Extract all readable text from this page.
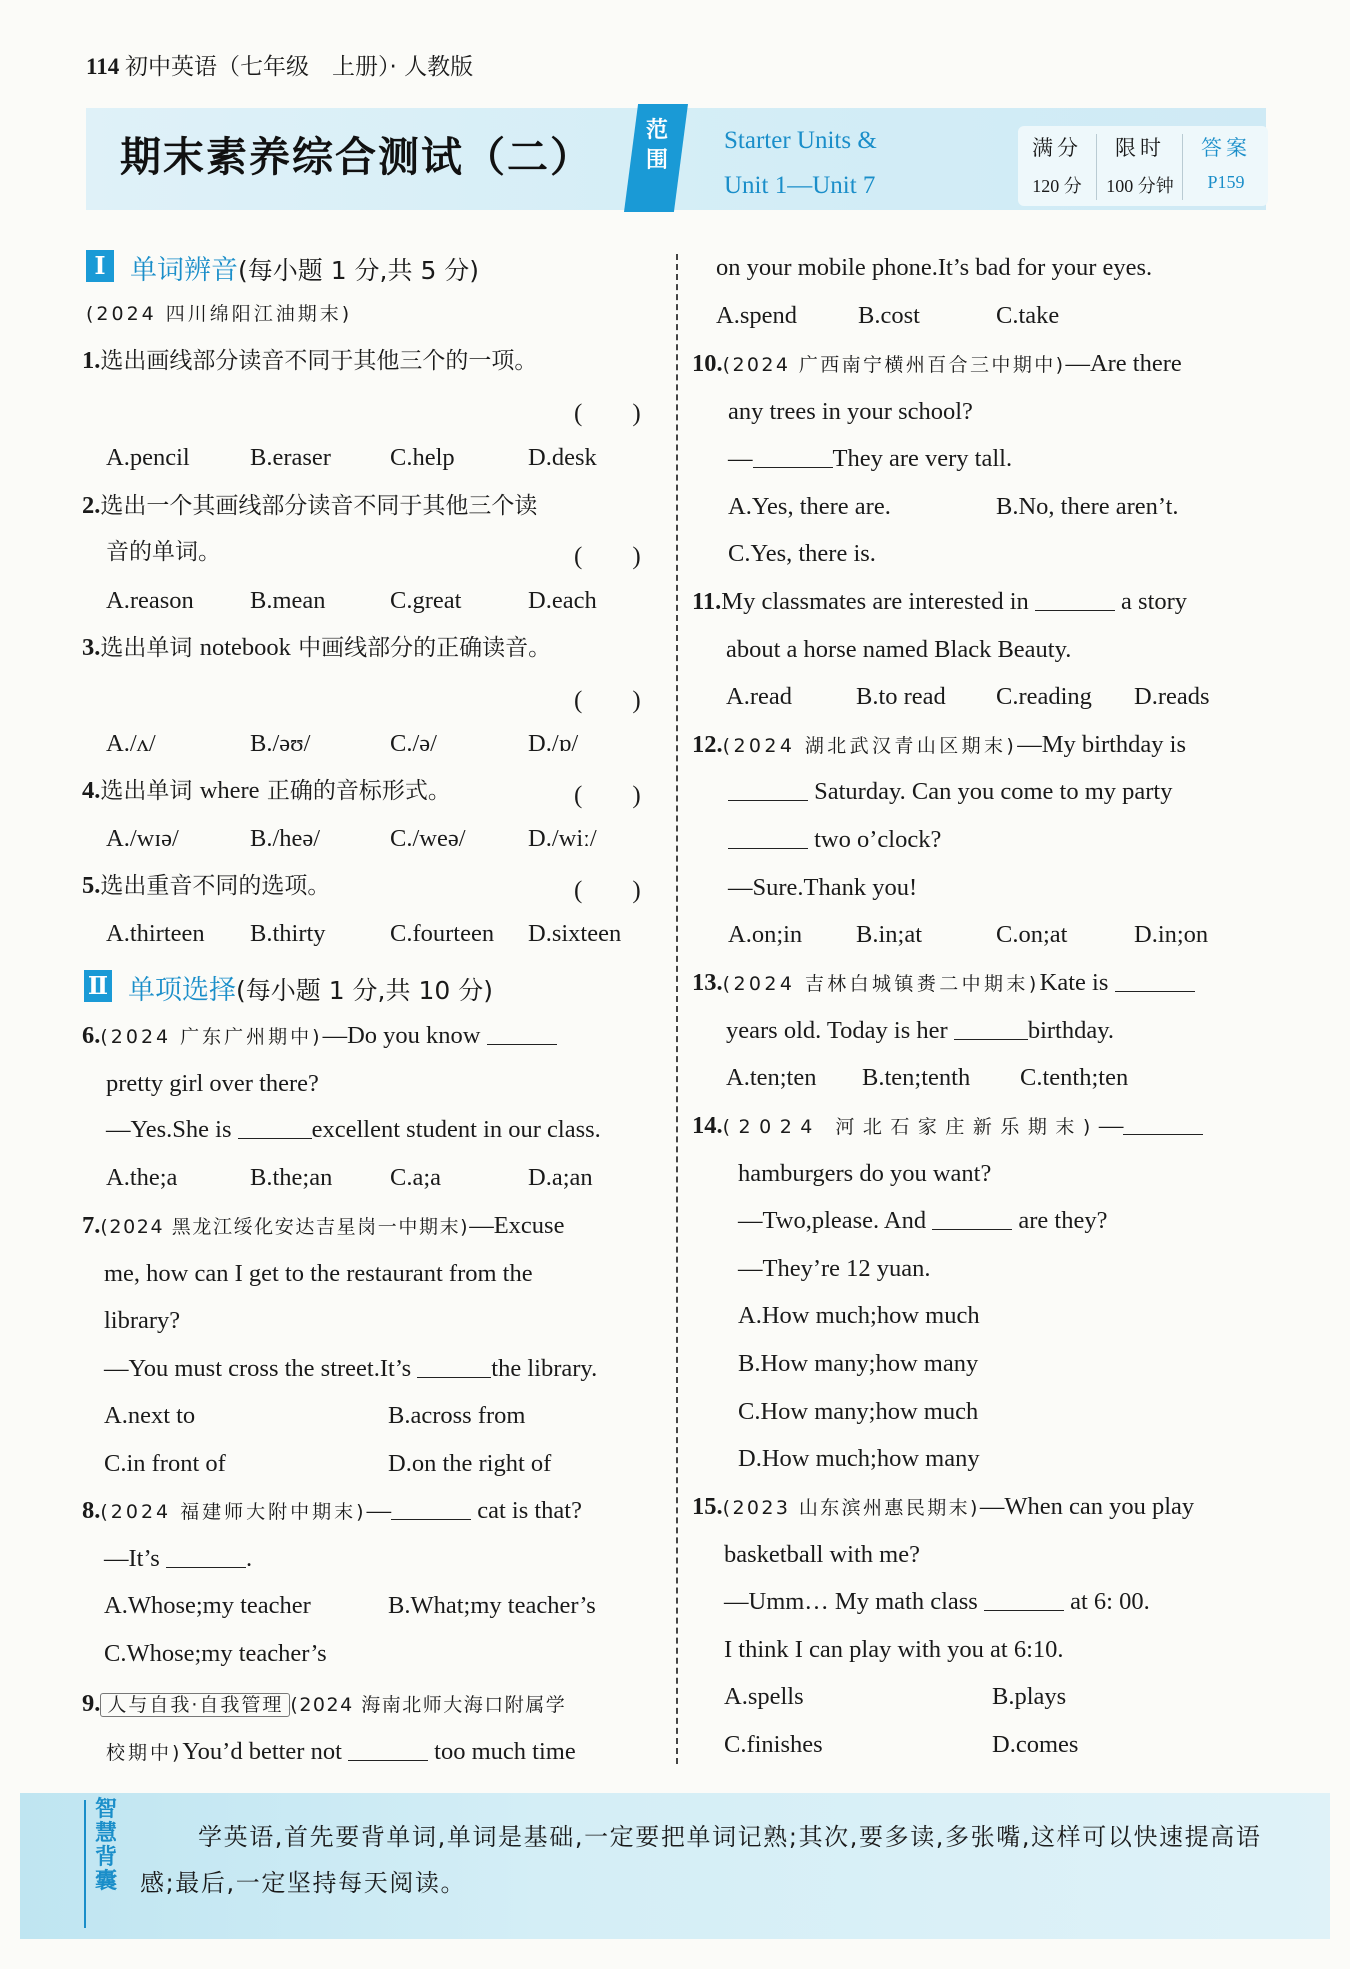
114 初中英语（七年级　上册）· 人教版
期末素养综合测试（二）
范围
Starter Units &
Unit 1—Unit 7
满分
120 分
限时
100 分钟
答案
P159
Ⅰ 单词辨音(每小题 1 分,共 5 分)
(2024 四川绵阳江油期末)
1.选出画线部分读音不同于其他三个的一项。
(　　)
A.pencil B.eraser C.help	D.desk
2.选出一个其画线部分读音不同于其他三个读
音的单词。	(　　)
A.reason B.mean	C.great	D.each
3.选出单词 notebook 中画线部分的正确读音。
(　　)
A./ʌ/	B./əʊ/	C./ə/	D./ɒ/
4.选出单词 where 正确的音标形式。	(　　)
A./wɪə/	B./heə/	C./weə/	D./wiː/
5.选出重音不同的选项。	(　　)
A.thirteen B.thirty	C.fourteen D.sixteen
Ⅱ 单项选择(每小题 1 分,共 10 分)
6.(2024 广东广州期中)—Do you know
pretty girl over there?
—Yes.She is	excellent student in our class.
A.the;a	B.the;an C.a;a	D.a;an
7.(2024 黑龙江绥化安达吉星岗一中期末)—Excuse
me, how can I get to the restaurant from the
library?
—You must cross the street.It’s	the library.
A.next to	B.across from
C.in front of	D.on the right of
8.(2024 福建师大附中期末)—	cat is that?
—It’s	.
A.Whose;my teacher	B.What;my teacher’s
C.Whose;my teacher’s
9. 人与自我·自我管理 (2024 海南北师大海口附属学
校期中)You’d better not	too much time
on your mobile phone.It’s bad for your eyes.
A.spend B.cost	C.take
10.(2024 广西南宁横州百合三中期中)—Are there
any trees in your school?
—	They are very tall.
A.Yes, there are.	B.No, there aren’t.
C.Yes, there is.
11.My classmates are interested in	a story
about a horse named Black Beauty.
A.read	B.to read C.reading D.reads
12.(2024 湖北武汉青山区期末)—My birthday is
Saturday. Can you come to my party
two o’clock?
—Sure.Thank you!
A.on;in B.in;at	C.on;at	D.in;on
13.(2024 吉林白城镇赉二中期末)Kate is
years old. Today is her	birthday.
A.ten;ten B.ten;tenth C.tenth;ten
14.(2024 河北石家庄新乐期末)—
hamburgers do you want?
—Two,please. And	are they?
—They’re 12 yuan.
A.How much;how much
B.How many;how many
C.How many;how much
D.How much;how many
15.(2023 山东滨州惠民期末)—When can you play
basketball with me?
—Umm… My math class	at 6: 00.
I think I can play with you at 6:10.
A.spells	B.plays
C.finishes	D.comes
智慧背囊
学英语,首先要背单词,单词是基础,一定要把单词记熟;其次,要多读,多张嘴,这样可以快速提高语感;最后,一定坚持每天阅读。
